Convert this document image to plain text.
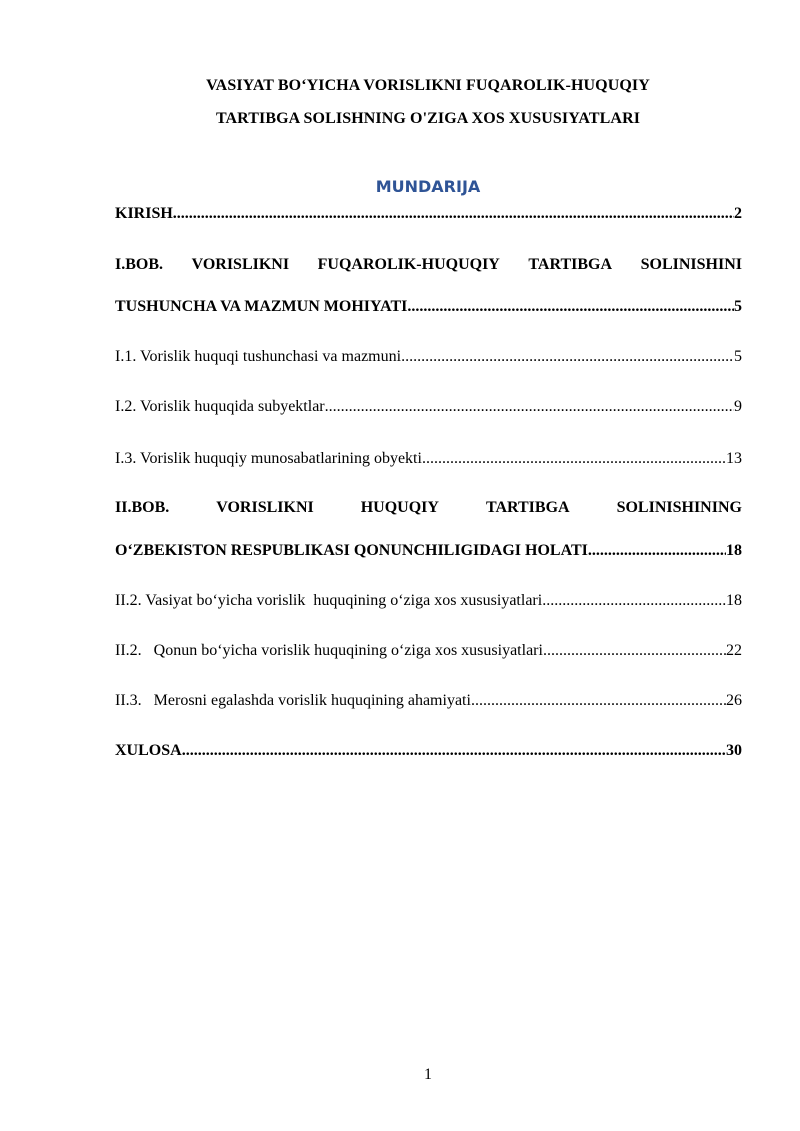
VASIYAT BO‘YICHA VORISLIKNI FUQAROLIK-HUQUQIY
TARTIBGA SOLISHNING O'ZIGA XOS XUSUSIYATLARI
MUNDARIJA
KIRISH .....	2
I.BOB. VORISLIKNI FUQAROLIK-HUQUQIY TARTIBGA SOLINISHINI
TUSHUNCHA VA MAZMUN MOHIYATI .....	5
I.1. Vorislik huquqi tushunchasi va mazmuni .....	5
I.2. Vorislik huquqida subyektlar .....	9
I.3. Vorislik huquqiy munosabatlarining obyekti .....	13
II.BOB.	VORISLIKNI	HUQUQIY	TARTIBGA	SOLINISHINING
O‘ZBEKISTON RESPUBLIKASI QONUNCHILIGIDAGI HOLATI .....	18
II.2. Vasiyat bo‘yicha vorislik  huquqining o‘ziga xos xususiyatlari .....	18
II.2.   Qonun bo‘yicha vorislik huquqining o‘ziga xos xususiyatlari .....	22
II.3.   Merosni egalashda vorislik huquqining ahamiyati .....	26
XULOSA .....	30
1
